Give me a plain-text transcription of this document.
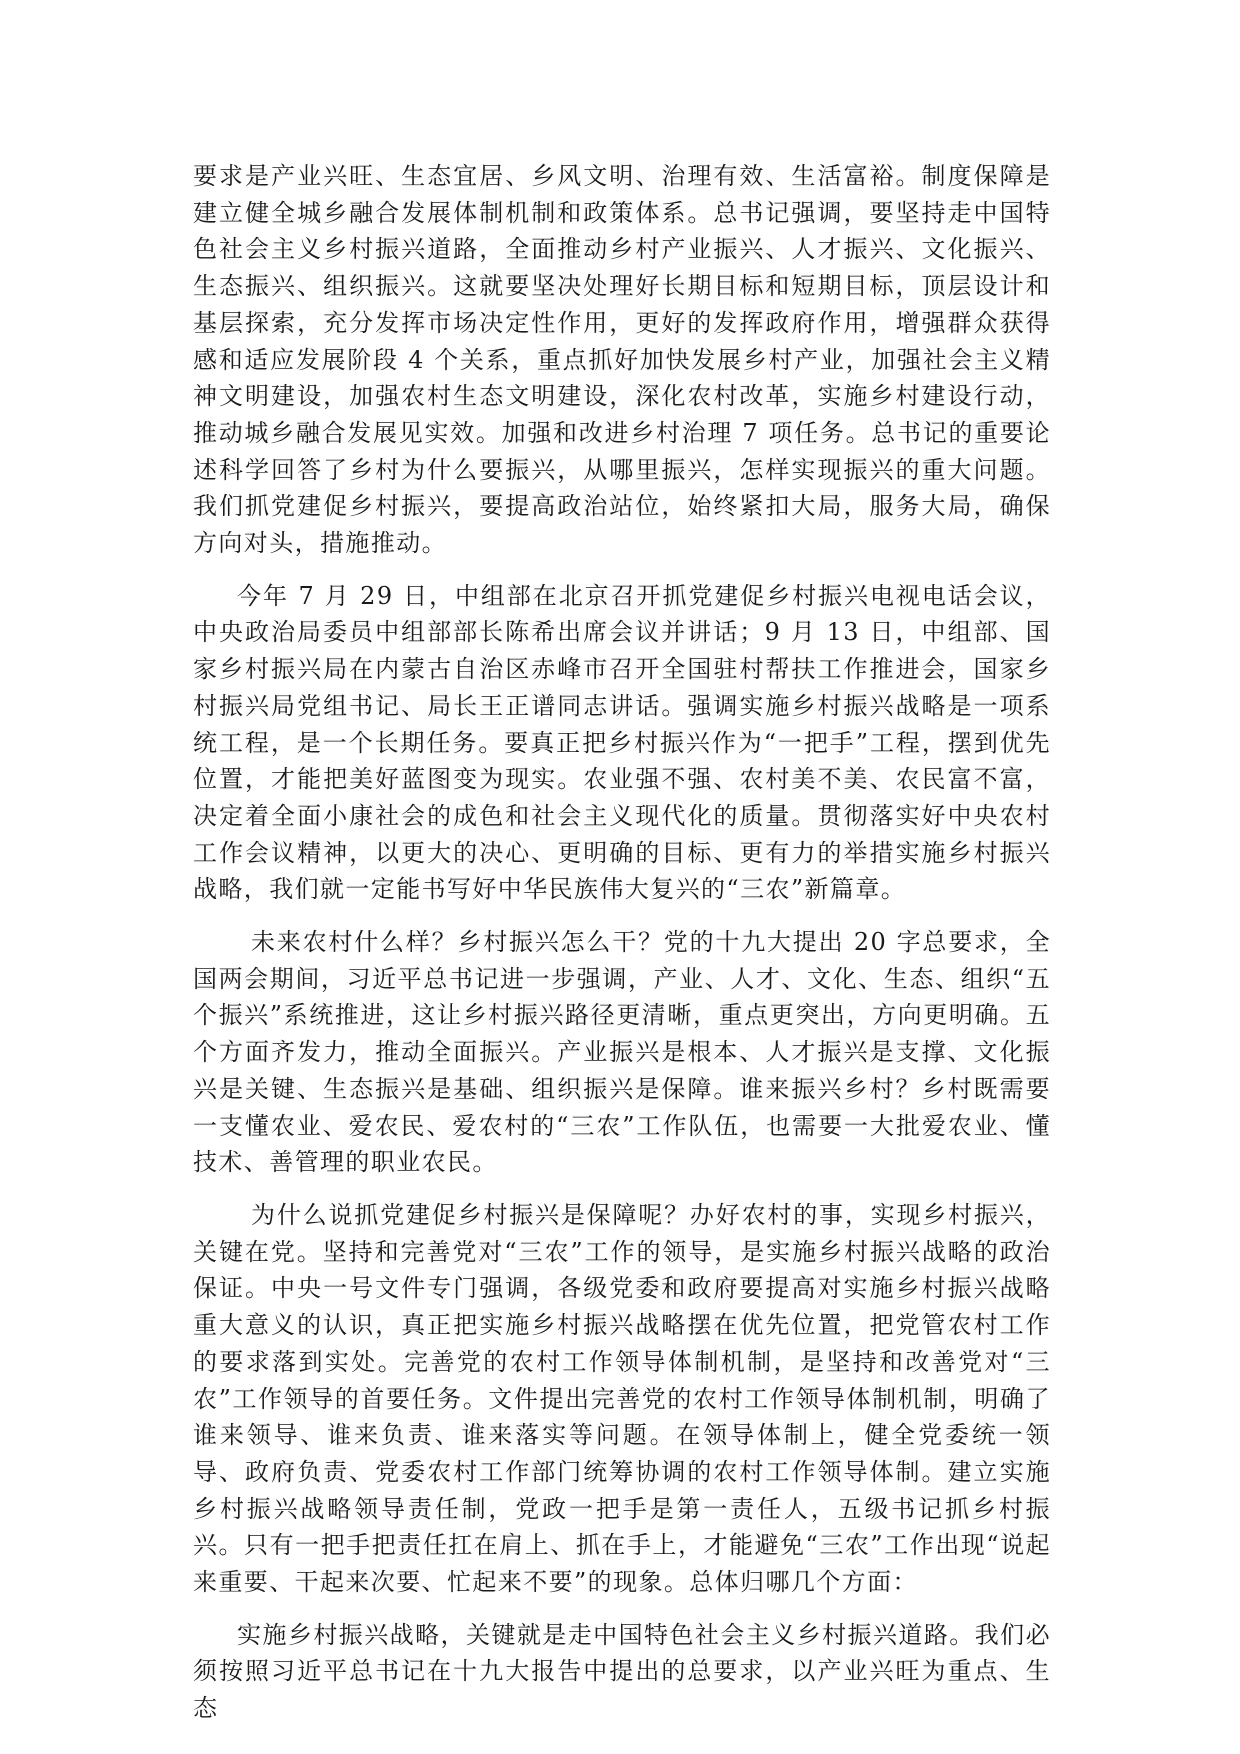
要求是产业兴旺、生态宜居、乡风文明、治理有效、生活富裕。制度保障是建立健全城乡融合发展体制机制和政策体系。总书记强调，要坚持走中国特色社会主义乡村振兴道路，全面推动乡村产业振兴、人才振兴、文化振兴、生态振兴、组织振兴。这就要坚决处理好长期目标和短期目标，顶层设计和基层探索，充分发挥市场决定性作用，更好的发挥政府作用，增强群众获得感和适应发展阶段 4 个关系，重点抓好加快发展乡村产业，加强社会主义精神文明建设，加强农村生态文明建设，深化农村改革，实施乡村建设行动，推动城乡融合发展见实效。加强和改进乡村治理 7 项任务。总书记的重要论述科学回答了乡村为什么要振兴，从哪里振兴，怎样实现振兴的重大问题。我们抓党建促乡村振兴，要提高政治站位，始终紧扣大局，服务大局，确保方向对头，措施推动。

今年 7 月 29 日，中组部在北京召开抓党建促乡村振兴电视电话会议，中央政治局委员中组部部长陈希出席会议并讲话；9 月 13 日，中组部、国家乡村振兴局在内蒙古自治区赤峰市召开全国驻村帮扶工作推进会，国家乡村振兴局党组书记、局长王正谱同志讲话。强调实施乡村振兴战略是一项系统工程，是一个长期任务。要真正把乡村振兴作为“一把手”工程，摆到优先位置，才能把美好蓝图变为现实。农业强不强、农村美不美、农民富不富，决定着全面小康社会的成色和社会主义现代化的质量。贯彻落实好中央农村工作会议精神，以更大的决心、更明确的目标、更有力的举措实施乡村振兴战略，我们就一定能书写好中华民族伟大复兴的“三农”新篇章。

未来农村什么样？乡村振兴怎么干？党的十九大提出 20 字总要求，全国两会期间，习近平总书记进一步强调，产业、人才、文化、生态、组织“五个振兴”系统推进，这让乡村振兴路径更清晰，重点更突出，方向更明确。五个方面齐发力，推动全面振兴。产业振兴是根本、人才振兴是支撑、文化振兴是关键、生态振兴是基础、组织振兴是保障。谁来振兴乡村？乡村既需要一支懂农业、爱农民、爱农村的“三农”工作队伍，也需要一大批爱农业、懂技术、善管理的职业农民。

为什么说抓党建促乡村振兴是保障呢？办好农村的事，实现乡村振兴，关键在党。坚持和完善党对“三农”工作的领导，是实施乡村振兴战略的政治保证。中央一号文件专门强调，各级党委和政府要提高对实施乡村振兴战略重大意义的认识，真正把实施乡村振兴战略摆在优先位置，把党管农村工作的要求落到实处。完善党的农村工作领导体制机制，是坚持和改善党对“三农”工作领导的首要任务。文件提出完善党的农村工作领导体制机制，明确了谁来领导、谁来负责、谁来落实等问题。在领导体制上，健全党委统一领导、政府负责、党委农村工作部门统筹协调的农村工作领导体制。建立实施乡村振兴战略领导责任制，党政一把手是第一责任人，五级书记抓乡村振兴。只有一把手把责任扛在肩上、抓在手上，才能避免“三农”工作出现“说起来重要、干起来次要、忙起来不要”的现象。总体归哪几个方面：

实施乡村振兴战略，关键就是走中国特色社会主义乡村振兴道路。我们必须按照习近平总书记在十九大报告中提出的总要求，以产业兴旺为重点、生态
